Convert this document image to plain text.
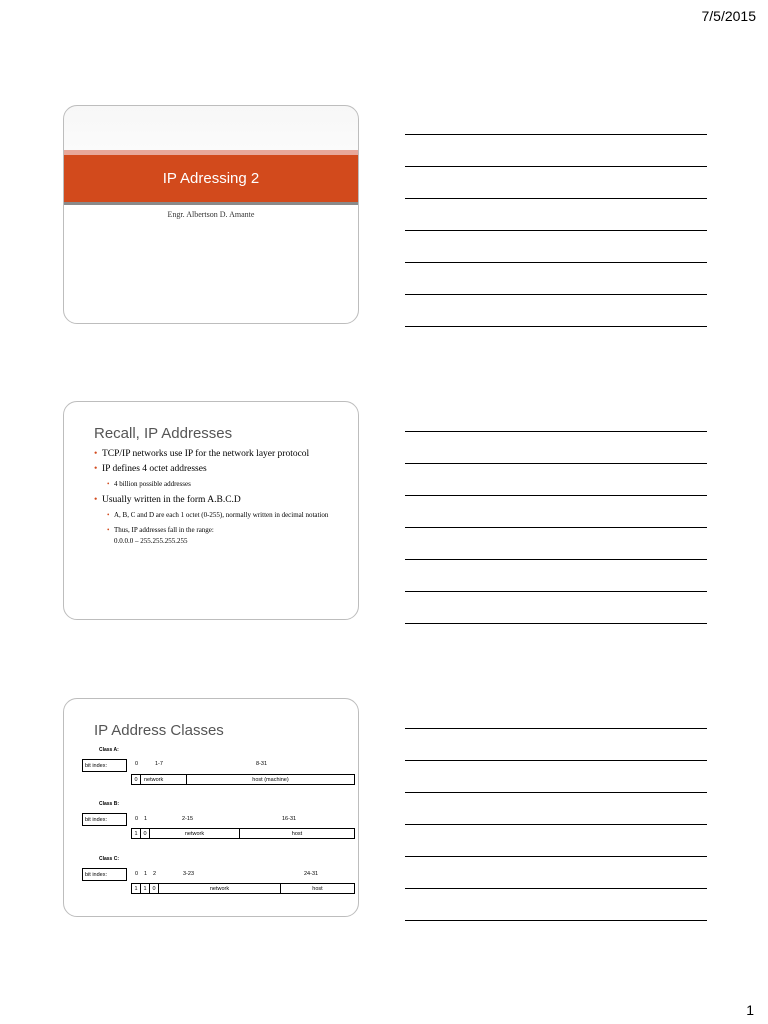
7/5/2015
IP Adressing 2
Engr. Albertson D. Amante
Recall, IP Addresses
• TCP/IP networks use IP for the network layer protocol
• IP defines 4 octet addresses
• 4 billion possible addresses
• Usually written in the form A.B.C.D
• A, B, C and D are each 1 octet (0-255), normally written in decimal notation
• Thus, IP addresses fall in the range:
0.0.0.0 – 255.255.255.255
IP Address Classes
Class A:
bit index:	0	1-7	8-31
0	network	host (machine)
Class B:
bit index:	0 1	2-15	16-31
1	0	network	host
Class C:
bit index:	0 1 2	3-23	24-31
1	1	0	network	host
1
